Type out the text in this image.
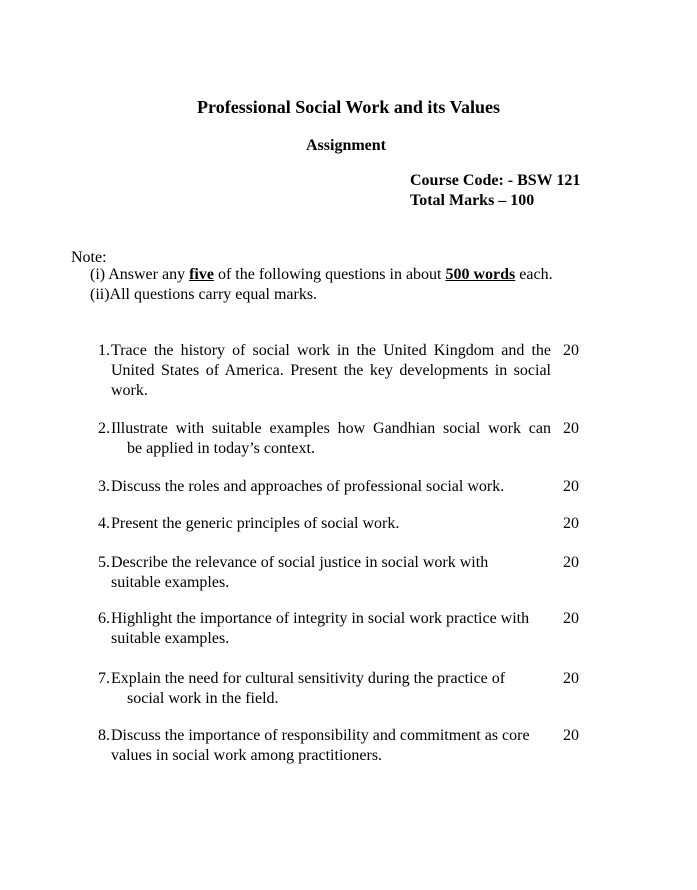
Professional Social Work and its Values
Assignment
Course Code: - BSW 121
Total Marks – 100
Note:
(i) Answer any five of the following questions in about 500 words each.
(ii)All questions carry equal marks.
1. Trace the history of social work in the United Kingdom and the
United States of America. Present the key developments in social
work.
20
2. Illustrate with suitable examples how Gandhian social work can
be applied in today’s context.
20
3. Discuss the roles and approaches of professional social work.	20
4. Present the generic principles of social work.	20
5. Describe the relevance of social justice in social work with
suitable examples.
20
6. Highlight the importance of integrity in social work practice with
suitable examples.
20
7. Explain the need for cultural sensitivity during the practice of
social work in the field.
20
8. Discuss the importance of responsibility and commitment as core
values in social work among practitioners.
20
